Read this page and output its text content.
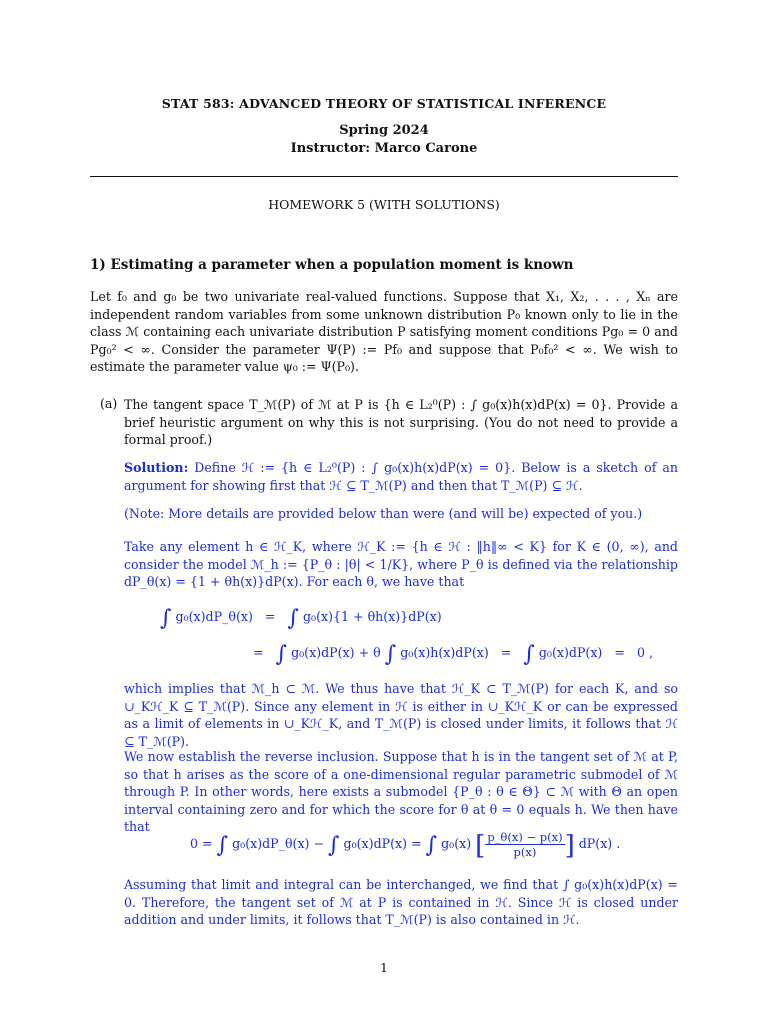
STAT 583: ADVANCED THEORY OF STATISTICAL INFERENCE
Spring 2024
Instructor: Marco Carone
HOMEWORK 5 (WITH SOLUTIONS)
1) Estimating a parameter when a population moment is known
Let f₀ and g₀ be two univariate real-valued functions. Suppose that X₁, X₂, . . . , Xₙ are independent random variables from some unknown distribution P₀ known only to lie in the class ℳ containing each univariate distribution P satisfying moment conditions Pg₀ = 0 and Pg₀² < ∞. Consider the parameter Ψ(P) := Pf₀ and suppose that P₀f₀² < ∞. We wish to estimate the parameter value ψ₀ := Ψ(P₀).
(a) The tangent space T_ℳ(P) of ℳ at P is {h ∈ L₂⁰(P) : ∫ g₀(x)h(x)dP(x) = 0}. Provide a brief heuristic argument on why this is not surprising. (You do not need to provide a formal proof.)
Solution: Define ℋ := {h ∈ L₂⁰(P) : ∫ g₀(x)h(x)dP(x) = 0}. Below is a sketch of an argument for showing first that ℋ ⊆ T_ℳ(P) and then that T_ℳ(P) ⊆ ℋ.
(Note: More details are provided below than were (and will be) expected of you.)
Take any element h ∈ ℋ_K, where ℋ_K := {h ∈ ℋ : ‖h‖∞ < K} for K ∈ (0, ∞), and consider the model ℳ_h := {P_θ : |θ| < 1/K}, where P_θ is defined via the relationship dP_θ(x) = {1 + θh(x)}dP(x). For each θ, we have that
∫ g₀(x)dP_θ(x) = ∫ g₀(x){1 + θh(x)}dP(x)
= ∫ g₀(x)dP(x) + θ ∫ g₀(x)h(x)dP(x) = ∫ g₀(x)dP(x) = 0 ,
which implies that ℳ_h ⊂ ℳ. We thus have that ℋ_K ⊂ T_ℳ(P) for each K, and so ∪_Kℋ_K ⊆ T_ℳ(P). Since any element in ℋ is either in ∪_Kℋ_K or can be expressed as a limit of elements in ∪_Kℋ_K, and T_ℳ(P) is closed under limits, it follows that ℋ ⊆ T_ℳ(P).
We now establish the reverse inclusion. Suppose that h is in the tangent set of ℳ at P, so that h arises as the score of a one-dimensional regular parametric submodel of ℳ through P. In other words, here exists a submodel {P_θ : θ ∈ Θ} ⊂ ℳ with Θ an open interval containing zero and for which the score for θ at θ = 0 equals h. We then have that
0 = ∫ g₀(x)dP_θ(x) − ∫ g₀(x)dP(x) = ∫ g₀(x) [ $\frac{p\_\theta(x) - p(x)}{p(x)}$ ] dP(x) .
Assuming that limit and integral can be interchanged, we find that ∫ g₀(x)h(x)dP(x) = 0. Therefore, the tangent set of ℳ at P is contained in ℋ. Since ℋ is closed under addition and under limits, it follows that T_ℳ(P) is also contained in ℋ.
1
